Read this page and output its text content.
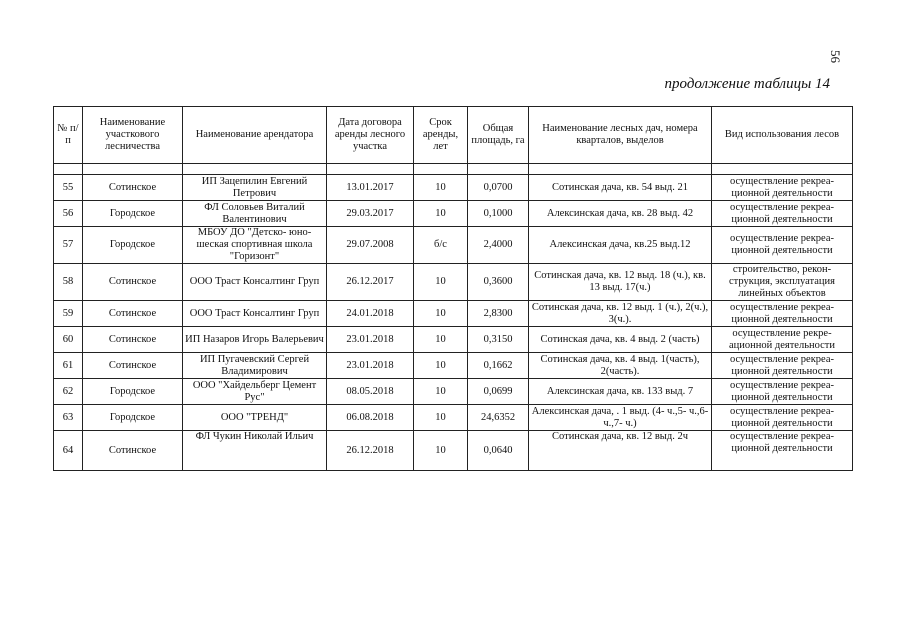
56
продолжение таблицы 14
№ п/п	Наименование участкового лесничества	Наименование арендатора	Дата договора аренды лесного участка	Срок аренды, лет	Общая площадь, га	Наименование лесных дач, номера кварталов, выделов	Вид использования лесов

55	Сотинское	ИП Зацепилин Евгений Петрович	13.01.2017	10	0,0700	Сотинская дача, кв. 54 выд. 21	осуществление рекреа-ционной деятельности
56	Городское	ФЛ Соловьев Виталий Валентинович	29.03.2017	10	0,1000	Алексинская дача, кв. 28 выд. 42	осуществление рекреа-ционной деятельности
57	Городское	МБОУ ДО "Детско- юно-шеская спортивная школа "Горизонт"	29.07.2008	б/с	2,4000	Алексинская дача, кв.25 выд.12	осуществление рекреа-ционной деятельности
58	Сотинское	ООО Траст Консалтинг Груп	26.12.2017	10	0,3600	Сотинская дача, кв. 12 выд. 18 (ч.), кв. 13 выд. 17(ч.)	строительство, рекон-струкция, эксплуатация линейных объектов
59	Сотинское	ООО Траст Консалтинг Груп	24.01.2018	10	2,8300	Сотинская дача, кв. 12 выд. 1 (ч.), 2(ч.), 3(ч.).	осуществление рекреа-ционной деятельности
60	Сотинское	ИП Назаров Игорь Валерьевич	23.01.2018	10	0,3150	Сотинская дача, кв. 4 выд. 2 (часть)	осуществление рекре-ационной деятельности
61	Сотинское	ИП Пугачевский Сергей Владимирович	23.01.2018	10	0,1662	Сотинская дача, кв. 4 выд. 1(часть), 2(часть).	осуществление рекреа-ционной деятельности
62	Городское	ООО "Хайдельберг Цемент Рус"	08.05.2018	10	0,0699	Алексинская дача, кв. 133 выд. 7	осуществление рекреа-ционной деятельности
63	Городское	ООО "ТРЕНД"	06.08.2018	10	24,6352	Алексинская дача, . 1 выд. (4- ч.,5- ч.,6- ч.,7- ч.)	осуществление рекреа-ционной деятельности
64	Сотинское	ФЛ Чукин Николай Ильич	26.12.2018	10	0,0640	Сотинская дача, кв. 12 выд. 2ч	осуществление рекреа-ционной деятельности
